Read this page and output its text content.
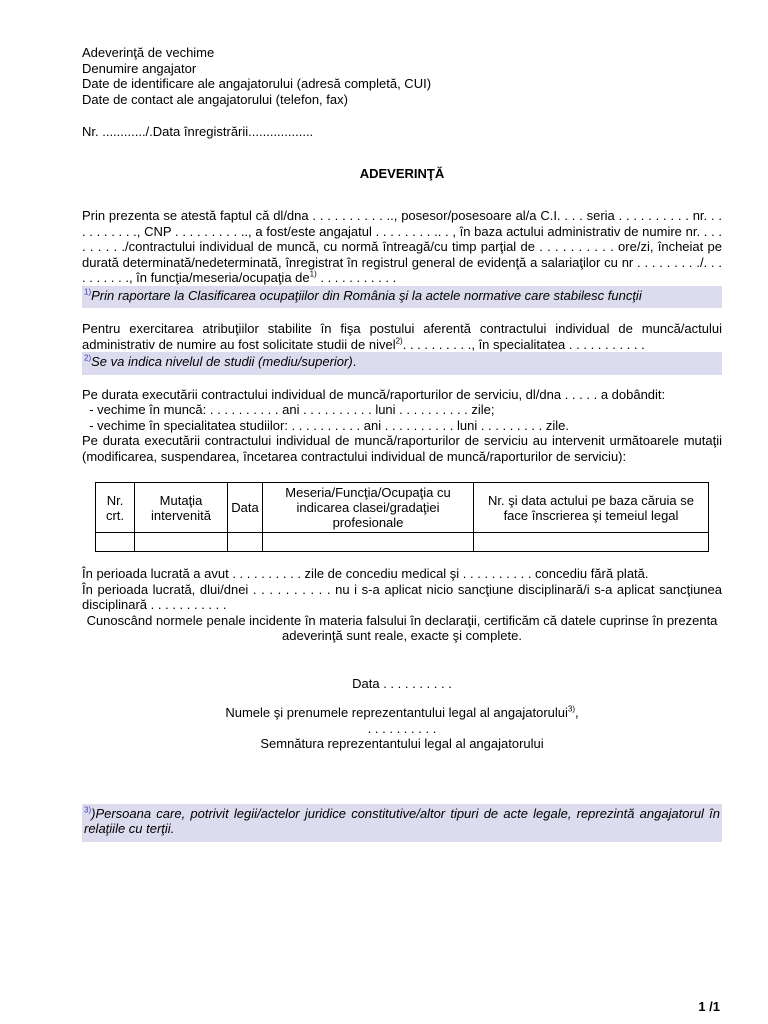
Adeverinţă de vechime
Denumire angajator
Date de identificare ale angajatorului (adresă completă, CUI)
Date de contact ale angajatorului (telefon, fax)
Nr. ............/.Data înregistrării..................
ADEVERINŢĂ
Prin prezenta se atestă faptul că dl/dna . . . . . . . . . . .., posesor/posesoare al/a C.I. . . . seria . . . . . . . . . . nr. . . . . . . . . . ., CNP . . . . . . . . . .., a fost/este angajatul . . . . . . . . .. . , în baza actului administrativ de numire nr. . . . . . . . . ./contractului individual de muncă, cu normă întreagă/cu timp parţial de . . . . . . . . . . ore/zi, încheiat pe durată determinată/nedeterminată, înregistrat în registrul general de evidenţă a salariaţilor cu nr . . . . . . . . ./. . . . . . . . . ., în funcţia/meseria/ocupaţia $de^{1)}$ . . . . . . . . . . .
$^{1)}$Prin raportare la Clasificarea ocupaţiilor din România şi la actele normative care stabilesc funcţii
Pentru exercitarea atribuţiilor stabilite în fişa postului aferentă contractului individual de muncă/actului administrativ de numire au fost solicitate studii de nivel$^{2)}$. . . . . . . . . ., în specialitatea . . . . . . . . . . .
$^{2)}$Se va indica nivelul de studii (mediu/superior).
Pe durata executării contractului individual de muncă/raporturilor de serviciu, dl/dna . . . . . a dobândit:
- vechime în muncă: . . . . . . . . . . ani . . . . . . . . . . luni . . . . . . . . . . zile;
- vechime în specialitatea studiilor: . . . . . . . . . . ani . . . . . . . . . . luni . . . . . . . . . zile.
Pe durata executării contractului individual de muncă/raporturilor de serviciu au intervenit următoarele mutaţii (modificarea, suspendarea, încetarea contractului individual de muncă/raporturilor de serviciu):
Nr. crt.	Mutaţia intervenită	Data	Meseria/Funcţia/Ocupaţia cu indicarea clasei/gradaţiei profesionale	Nr. şi data actului pe baza căruia se face înscrierea şi temeiul legal

În perioada lucrată a avut . . . . . . . . . . zile de concediu medical şi . . . . . . . . . . concediu fără plată.
În perioada lucrată, dlui/dnei . . . . . . . . . . nu i s-a aplicat nicio sancţiune disciplinară/i s-a aplicat sancţiunea disciplinară . . . . . . . . . . .
Cunoscând normele penale incidente în materia falsului în declaraţii, certificăm că datele cuprinse în prezenta adeverinţă sunt reale, exacte şi complete.
Data . . . . . . . . . .
Numele şi prenumele reprezentantului legal al angajatorului$^{3)}$,
. . . . . . . . . .
Semnătura reprezentantului legal al angajatorului
$^{3)}$)Persoana care, potrivit legii/actelor juridice constitutive/altor tipuri de acte legale, reprezintă angajatorul în relaţiile cu terţii.
1 /1
